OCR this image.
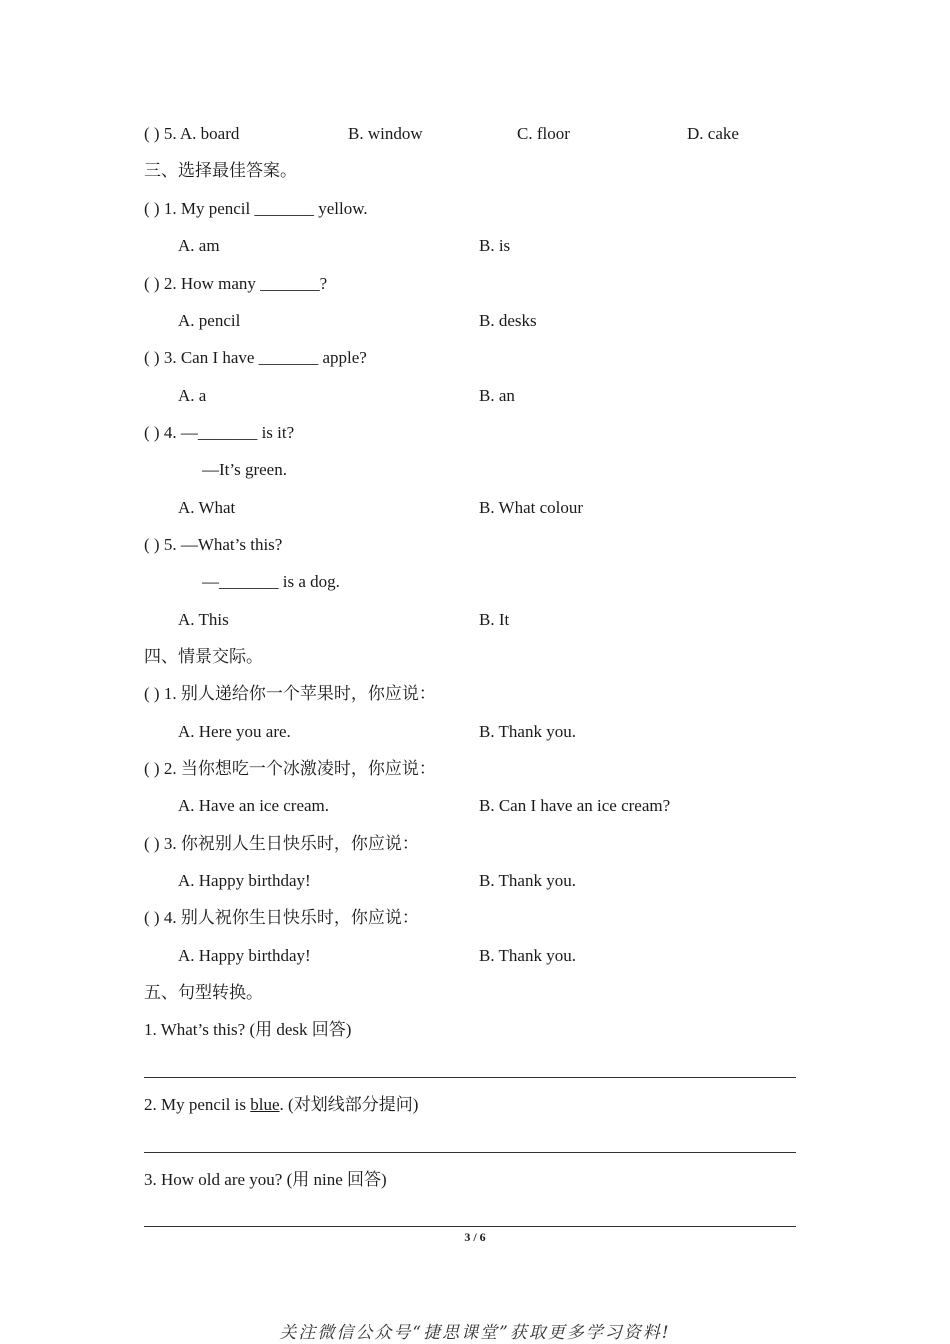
( ) 5. A. board	B. window	C. floor	D. cake
三、选择最佳答案。
( ) 1. My pencil _______ yellow.
A. am	B. is
( ) 2. How many _______?
A. pencil	B. desks
( ) 3. Can I have _______ apple?
A. a	B. an
( ) 4. —_______ is it?
—It’s green.
A. What	B. What colour
( ) 5. —What’s this?
—_______ is a dog.
A. This	B. It
四、情景交际。
( ) 1. 别人递给你一个苹果时，你应说：
A. Here you are.	B. Thank you.
( ) 2. 当你想吃一个冰激凌时，你应说：
A. Have an ice cream.	B. Can I have an ice cream?
( ) 3. 你祝别人生日快乐时，你应说：
A. Happy birthday!	B. Thank you.
( ) 4. 别人祝你生日快乐时，你应说：
A. Happy birthday!	B. Thank you.
五、句型转换。
1. What’s this? (用 desk 回答)
2. My pencil is blue. (对划线部分提问)
3. How old are you? (用 nine 回答)
3 / 6
关注微信公众号“捷思课堂”获取更多学习资料!
